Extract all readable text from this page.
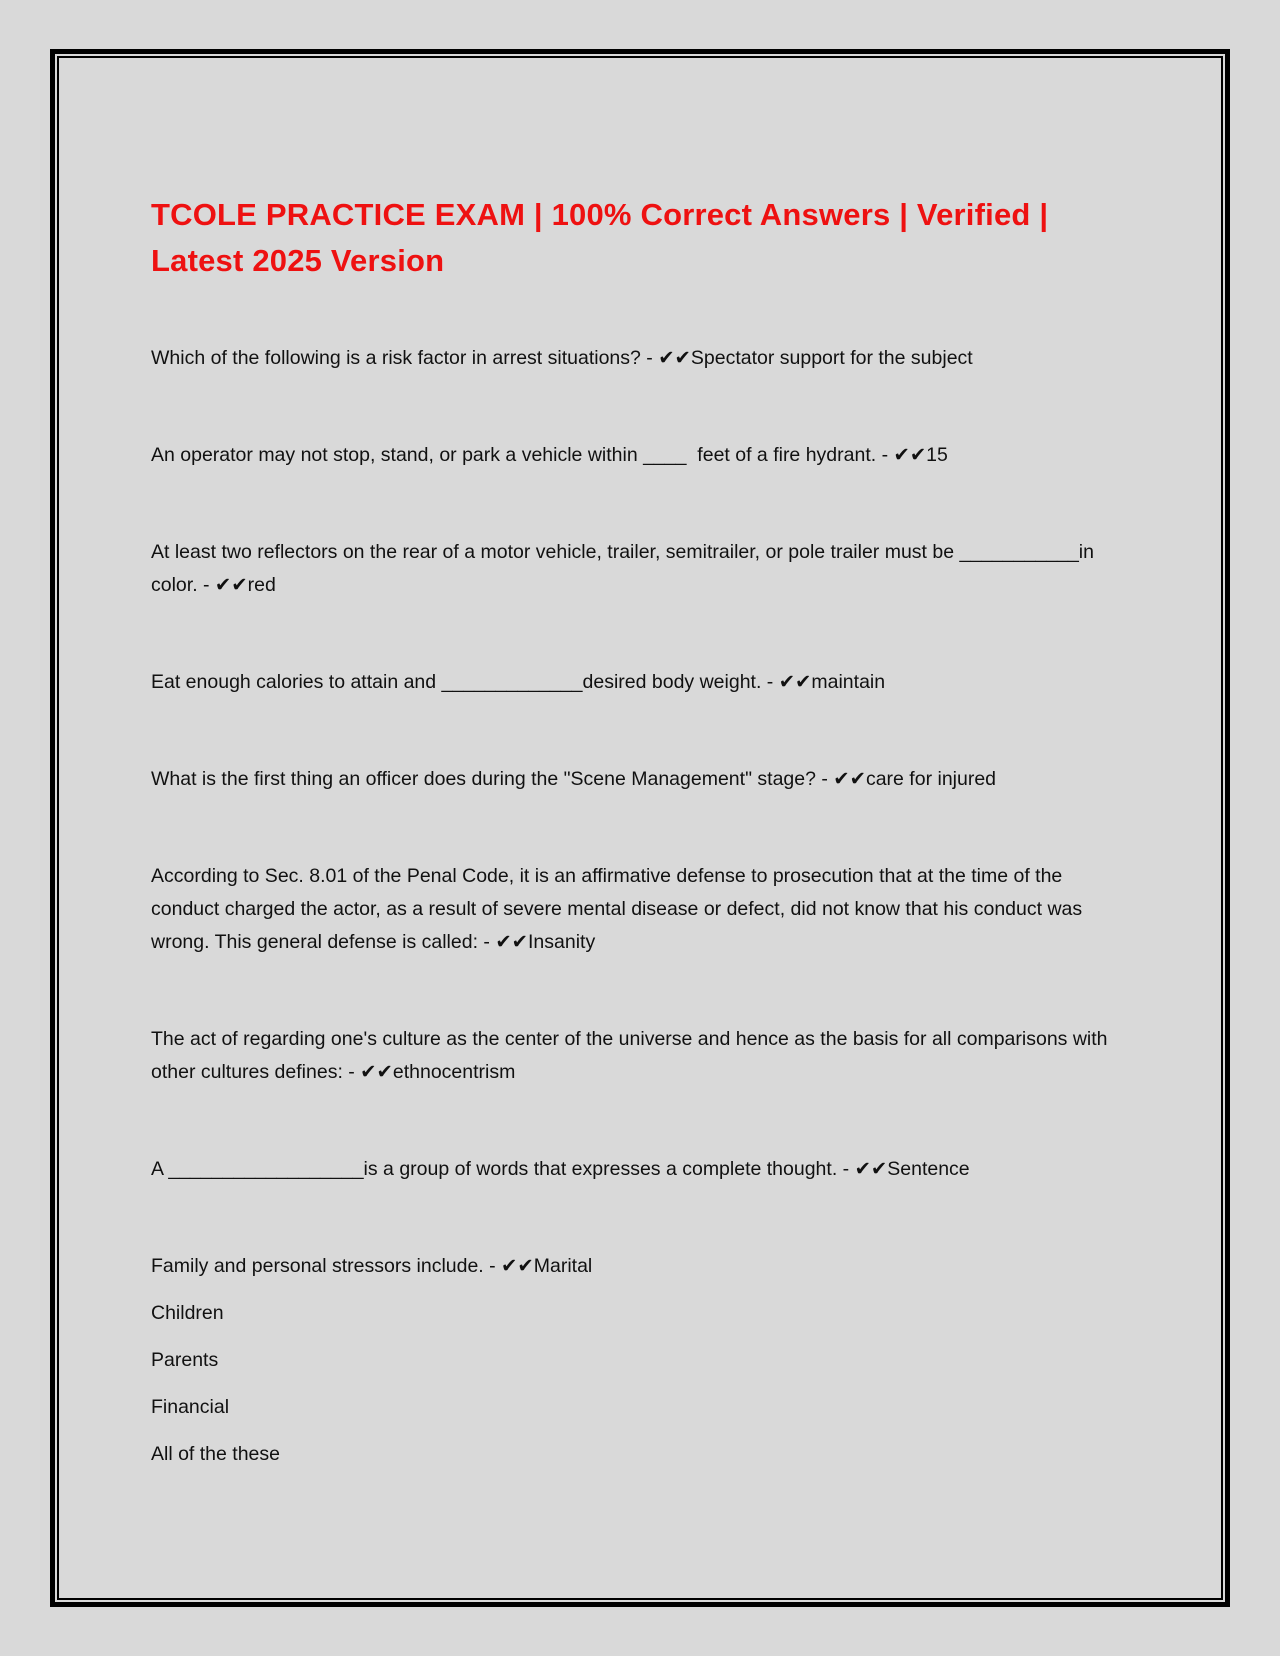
TCOLE PRACTICE EXAM | 100% Correct Answers | Verified | Latest 2025 Version
Which of the following is a risk factor in arrest situations? - ✔✔Spectator support for the subject
An operator may not stop, stand, or park a vehicle within ____  feet of a fire hydrant. - ✔✔15
At least two reflectors on the rear of a motor vehicle, trailer, semitrailer, or pole trailer must be ___________in color. - ✔✔red
Eat enough calories to attain and _____________desired body weight. - ✔✔maintain
What is the first thing an officer does during the "Scene Management" stage? - ✔✔care for injured
According to Sec. 8.01 of the Penal Code, it is an affirmative defense to prosecution that at the time of the conduct charged the actor, as a result of severe mental disease or defect, did not know that his conduct was wrong. This general defense is called: - ✔✔Insanity
The act of regarding one's culture as the center of the universe and hence as the basis for all comparisons with other cultures defines: - ✔✔ethnocentrism
A __________________is a group of words that expresses a complete thought. - ✔✔Sentence
Family and personal stressors include. - ✔✔Marital
Children
Parents
Financial
All of the these
